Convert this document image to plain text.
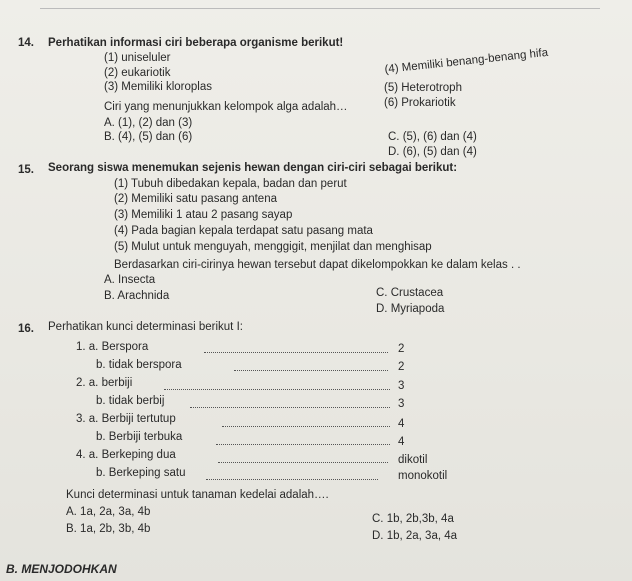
14. Perhatikan informasi ciri beberapa organisme berikut!
(1) uniseluler
(2) eukariotik
(3) Memiliki kloroplas
(4) Memiliki benang-benang hifa
(5) Heterotroph
(6) Prokariotik
Ciri yang menunjukkan kelompok alga adalah…
A. (1), (2) dan (3)
B. (4), (5) dan (6)	C. (5), (6) dan (4)
D. (6), (5) dan (4)
15. Seorang siswa menemukan sejenis hewan dengan ciri-ciri sebagai berikut:
(1) Tubuh dibedakan kepala, badan dan perut
(2) Memiliki satu pasang antena
(3) Memiliki 1 atau 2 pasang sayap
(4) Pada bagian kepala terdapat satu pasang mata
(5) Mulut untuk menguyah, menggigit, menjilat dan menghisap
Berdasarkan ciri-cirinya hewan tersebut dapat dikelompokkan ke dalam kelas . .
A. Insecta
B. Arachnida	C. Crustacea
D. Myriapoda
16. Perhatikan kunci determinasi berikut I:
1. a. Berspora	2
b. tidak berspora	2
2. a. berbiji	3
b. tidak berbij	3
3. a. Berbiji tertutup	4
b. Berbiji terbuka	4
4. a. Berkeping dua	dikotil
b. Berkeping satu	monokotil
Kunci determinasi untuk tanaman kedelai adalah….
A. 1a, 2a, 3a, 4b
B. 1a, 2b, 3b, 4b
C. 1b, 2b,3b, 4a
D. 1b, 2a, 3a, 4a
B. MENJODOHKAN
